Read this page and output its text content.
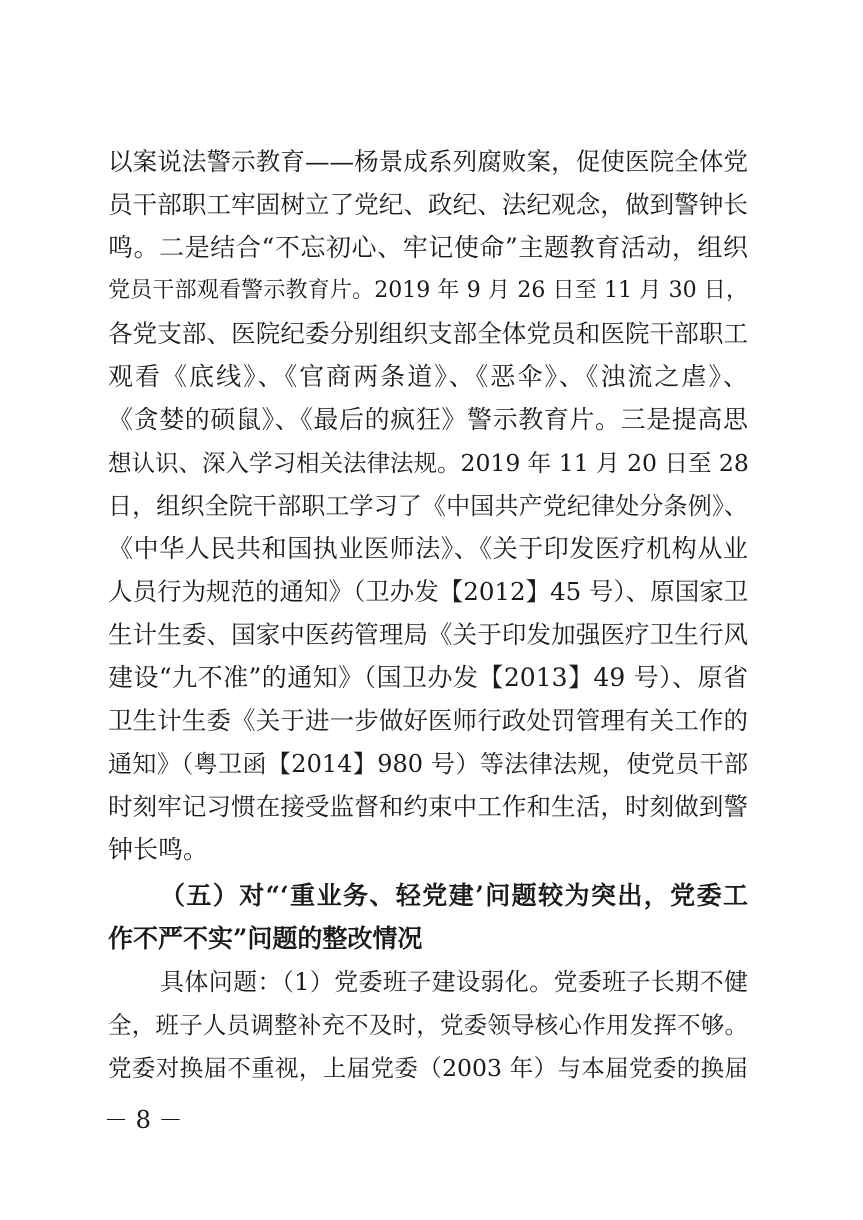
以案说法警示教育——杨景成系列腐败案，促使医院全体党
员干部职工牢固树立了党纪、政纪、法纪观念，做到警钟长
鸣。二是结合“不忘初心、牢记使命”主题教育活动，组织
党员干部观看警示教育片。2019 年 9 月 26 日至 11 月 30 日，
各党支部、医院纪委分别组织支部全体党员和医院干部职工
观看《底线》、《官商两条道》、《恶伞》、《浊流之虐》、
《贪婪的硕鼠》、《最后的疯狂》警示教育片。三是提高思
想认识、深入学习相关法律法规。2019 年 11 月 20 日至 28
日，组织全院干部职工学习了《中国共产党纪律处分条例》、
《中华人民共和国执业医师法》、《关于印发医疗机构从业
人员行为规范的通知》（卫办发【2012】45 号）、原国家卫
生计生委、国家中医药管理局《关于印发加强医疗卫生行风
建设“九不准”的通知》（国卫办发【2013】49 号）、原省
卫生计生委《关于进一步做好医师行政处罚管理有关工作的
通知》（粤卫函【2014】980 号）等法律法规，使党员干部
时刻牢记习惯在接受监督和约束中工作和生活，时刻做到警
钟长鸣。
（五）对“‘重业务、轻党建’问题较为突出，党委工
作不严不实”问题的整改情况
具体问题：（1）党委班子建设弱化。党委班子长期不健
全，班子人员调整补充不及时，党委领导核心作用发挥不够。
党委对换届不重视，上届党委（2003 年）与本届党委的换届
－ 8 －
